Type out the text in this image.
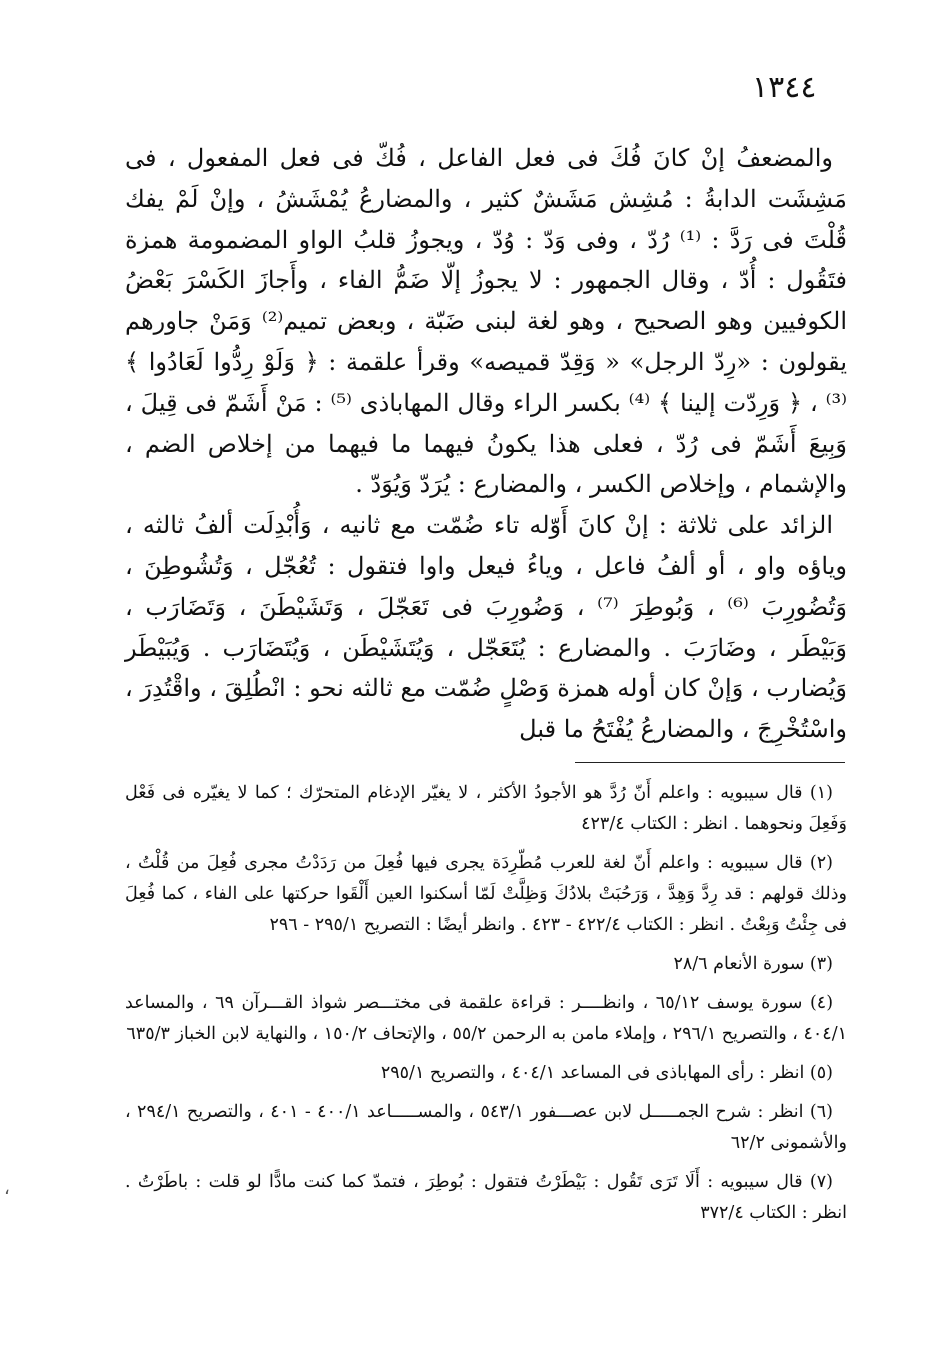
١٣٤٤

والمضعفُ إنْ كانَ فُكَ فى فعل الفاعل ، فُكّ فى فعل المفعول ، فى مَشِشَت الدابةُ : مُشِش مَشَشٌ كثير ، والمضارعُ يُمْشَشُ ، وإنْ لَمْ يفك قُلْتَ فى رَدَّ : ⁽¹⁾ رُدّ ، وفى وَدّ : وُدّ ، ويجوزُ قلبُ الواو المضمومة همزة فتَقُول : أُدّ ، وقال الجمهور : لا يجوزُ إلّا ضَمُّ الفاء ، وأَجازَ الكَسْرَ بَعْضُ الكوفيين وهو الصحيح ، وهو لغة لبنى ضَبّة ، وبعض تميم⁽²⁾ وَمَنْ جاورهم يقولون : «رِدّ الرجل» « وَقِدّ قميصه» وقرأ علقمة : ﴿ وَلَوْ رِدُّوا لَعَادُوا ﴾ ⁽³⁾ ، ﴿ وَرِدّت إلينا ﴾ ⁽⁴⁾ بكسر الراء وقال المهاباذى ⁽⁵⁾ : مَنْ أَشَمّ فى قِيلَ ، وَبِيعَ أَشَمّ فى رُدّ ، فعلى هذا يكونُ فيهما ما فيهما من إخلاص الضم ، والإشمام ، وإخلاص الكسر ، والمضارع : يُرَدّ وَيُوَدّ .

الزائد على ثلاثة : إنْ كانَ أَوّله تاء ضُمّت مع ثانيه ، وَأُبْدِلَت ألفُ ثالثه ، وياؤه واو ، أو ألفُ فاعل ، وياءُ فيعل واوا فتقول : تُعُجّل ، وَتُشُوطِنَ ، وَتُضُورِبَ ⁽⁶⁾ ، وَبُوطِرَ ⁽⁷⁾ ، وَضُورِبَ فى تَعَجّلَ ، وَتَشَيْطَنَ ، وَتَضَارَب ، وَبَيْطَر ، وضَارَبَ . والمضارع : يُتَعَجّل ، وَيُتَشَيْطَن ، وَيُتَضَارَب . وَيُبَيْطَر وَيُضارب ، وَإنْ كان أوله همزة وَصْلٍ ضُمّت مع ثالثه نحو : انْطُلِقَ ، واقْتُدِرَ ، واسْتُخْرِجَ ، والمضارعُ يُفْتَحُ ما قبل

(١) قال سيبويه : واعلم أَنّ رُدَّ هو الأجودُ الأكثر ، لا يغيّر الإدغام المتحرّك ؛ كما لا يغيّره فى فَعْل وَفَعِلَ ونحوهما . انظر : الكتاب ٤٢٣/٤

(٢) قال سيبويه : واعلم أَنّ لغة للعرب مُطّرِدَة يجرى فيها فُعِلَ من رَدَدْتُ مجرى فُعِلَ من قُلْتُ ، وذلك قولهم : قد رِدَّ وَهِدَّ ، وَرَحُبَتْ بلادُكَ وَظِلَّتْ لَمّا أسكنوا العين أَلْقَوا حركتها على الفاء ، كما فُعِلَ فى جِئْتُ وَبِعْتُ . انظر : الكتاب ٤٢٢/٤ - ٤٢٣ . وانظر أيضًا : التصريح ٢٩٥/١ - ٢٩٦

(٣) سورة الأنعام ٢٨/٦

(٤) سورة يوسف ٦٥/١٢ ، وانظــــر : قراءة علقمة فى مختـــصر شواذ القـــرآن ٦٩ ، والمساعد ٤٠٤/١ ، والتصريح ٢٩٦/١ ، وإملاء مامن به الرحمن ٥٥/٢ ، والإتحاف ١٥٠/٢ ، والنهاية لابن الخباز ٦٣٥/٣

(٥) انظر : رأى المهاباذى فى المساعد ٤٠٤/١ ، والتصريح ٢٩٥/١

(٦) انظر : شرح الجمـــــل لابن عصـــفور ٥٤٣/١ ، والمســـــاعد ٤٠٠/١ - ٤٠١ ، والتصريح ٢٩٤/١ ، والأشمونى ٦٢/٢

(٧) قال سيبويه : أَلَا تَرَى تَقُول : بَيْطَرْتُ فتقول : بُوطِرَ ، فتمدّ كما كنت مادًّا لو قلت : باطَرْتُ . انظر : الكتاب ٣٧٢/٤

،
